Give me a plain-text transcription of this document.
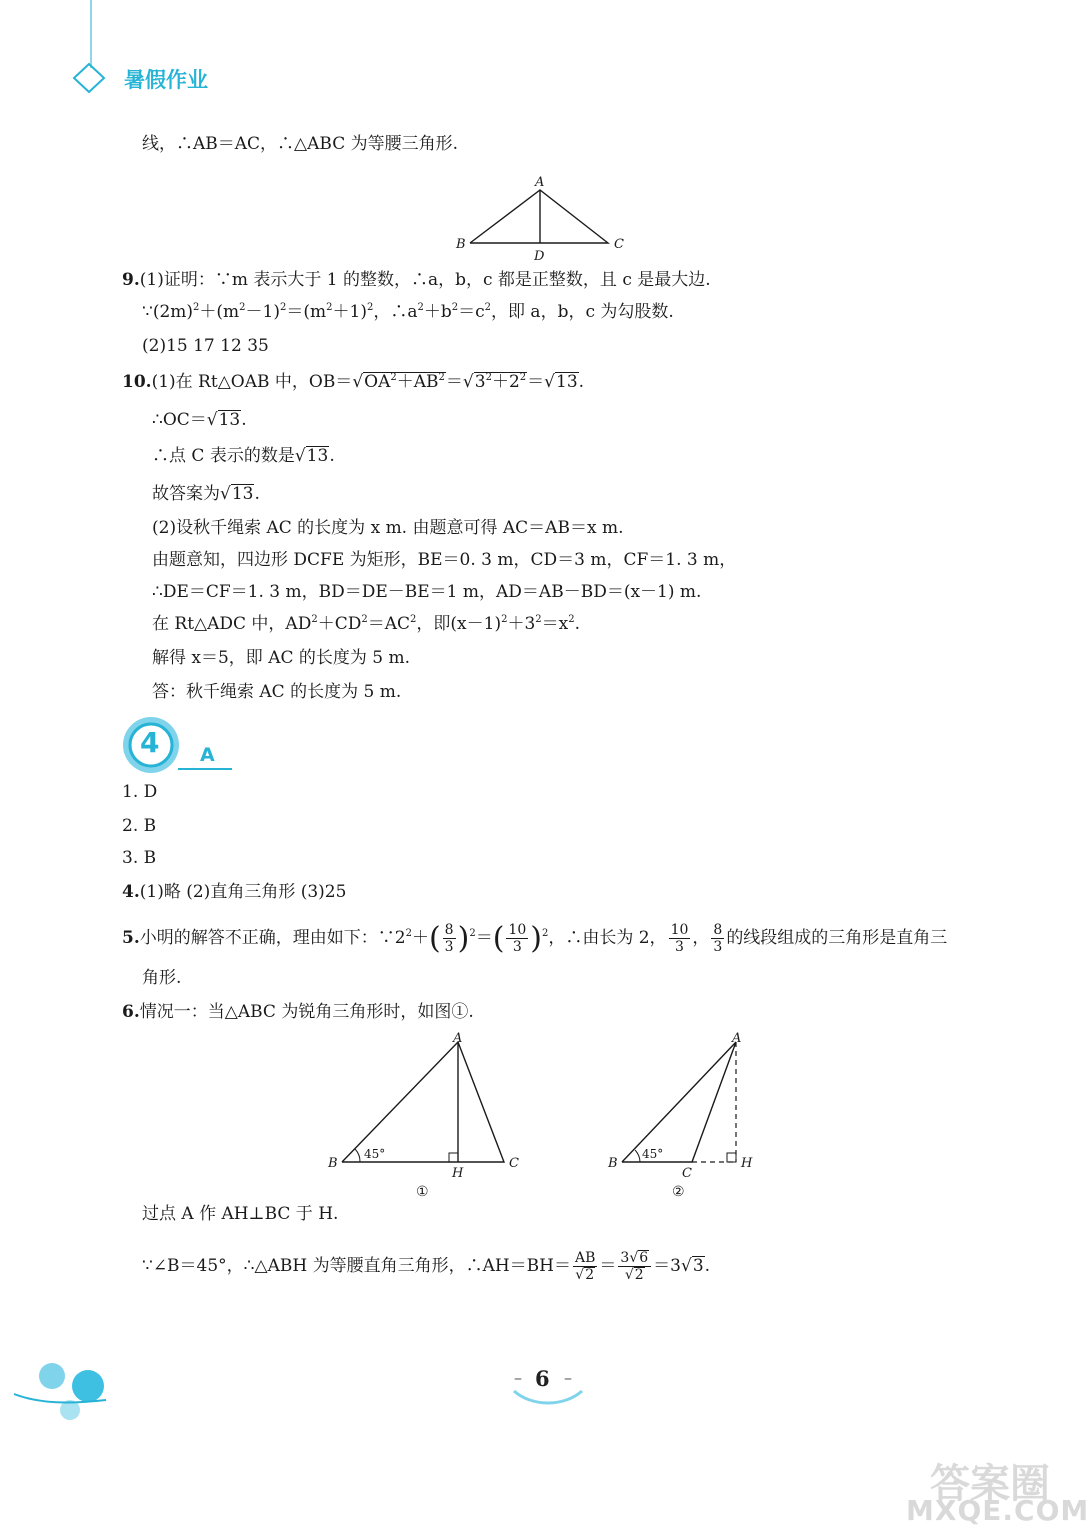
暑假作业
线，∴AB＝AC，∴△ABC 为等腰三角形.
A
B	C
D
9.(1)证明：∵m 表示大于 1 的整数，∴a，b，c 都是正整数，且 c 是最大边.
$\because(2m)^2+(m^2-1)^2=(m^2+1)^2$，$\therefore a^2+b^2=c^2$，即 a，b，c 为勾股数.
(2)15 17 12 35
10.(1)在 Rt△OAB 中，$OB=√OA^2+AB^2=√3^2+2^2=√13$.
∴OC＝√13.
∴点 C 表示的数是√13.
故答案为√13.
(2)设秋千绳索 AC 的长度为 x m. 由题意可得 AC＝AB＝x m.
由题意知，四边形 DCFE 为矩形，BE＝0. 3 m，CD＝3 m，CF＝1. 3 m，
∴DE＝CF＝1. 3 m，BD＝DE－BE＝1 m，AD＝AB－BD＝(x－1) m.
在 Rt△ADC 中，$AD^2+CD^2=AC^2$，即$(x-1)^2+3^2=x^2$.
解得 x＝5，即 AC 的长度为 5 m.
答：秋千绳索 AC 的长度为 5 m.
4 A
1. D
2. B
3. B
4.(1)略 (2)直角三角形 (3)25
5.小明的解答不正确，理由如下：$\because 2^2+( \frac{8}{3} )^2=( \frac{10}{3} )^2$，∴由长为 2， $\frac{10}{3}$ ， $\frac{8}{3}$ 的线段组成的三角形是直角三
角形.
6.情况一：当△ABC 为锐角三角形时，如图①.
A
B	C
H
45°
①
A
B
C
H
45°
②
过点 A 作 AH⊥BC 于 H.
∵∠B＝45°，∴△ABH 为等腰直角三角形，∴AH＝BH＝ $\frac{AB}{√2} = \frac{3√6}{√2} =3√3$.
– 6 –
答案圈
MXQE.COM
